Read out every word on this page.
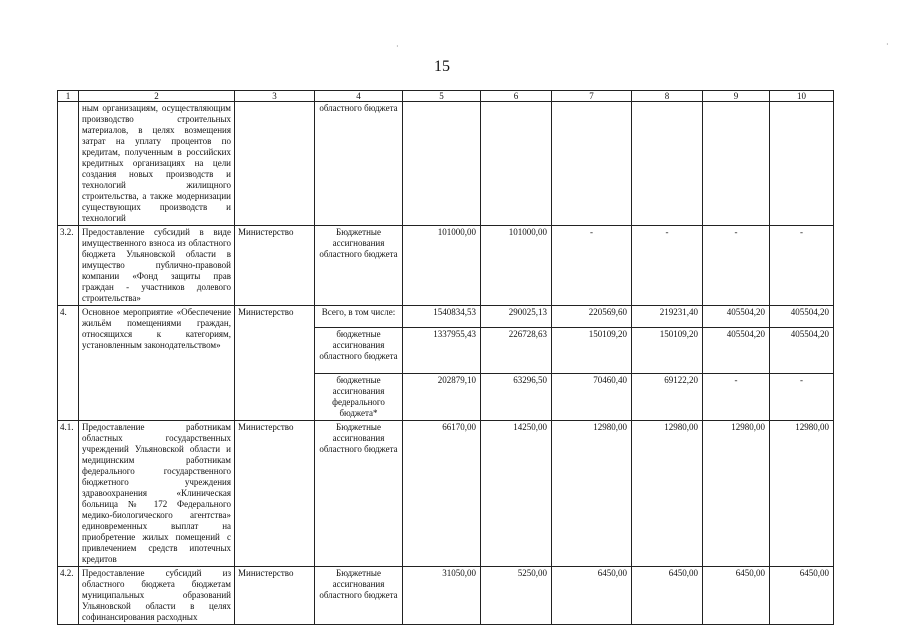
15
·	·
1	2	3	4	5	6	7	8	9	10
	ным организациям, осуществляющим производство строительных материалов, в целях возмещения затрат на уплату процентов по кредитам, полученным в российских кредитных организациях на цели создания новых производств и технологий жилищного строительства, а также модернизации существующих производств и технологий		областного бюджета						
3.2.	Предоставление субсидий в виде имущественного взноса из областного бюджета Ульяновской области в имущество публично-правовой компании «Фонд защиты прав граждан - участников долевого строительства»	Министерство	Бюджетные ассигнования областного бюджета	101000,00	101000,00	-	-	-	-
4.	Основное мероприятие «Обеспечение жильём помещениями граждан, относящихся к категориям, установленным законодательством»	Министерство	Всего, в том числе:	1540834,53	290025,13	220569,60	219231,40	405504,20	405504,20
			бюджетные ассигнования областного бюджета	1337955,43	226728,63	150109,20	150109,20	405504,20	405504,20
			бюджетные ассигнования федерального бюджета*	202879,10	63296,50	70460,40	69122,20	-	-
4.1.	Предоставление работникам областных государственных учреждений Ульяновской области и медицинским работникам федерального государственного бюджетного учреждения здравоохранения «Клиническая больница № 172 Федерального медико-биологического агентства» единовременных выплат на приобретение жилых помещений с привлечением средств ипотечных кредитов	Министерство	Бюджетные ассигнования областного бюджета	66170,00	14250,00	12980,00	12980,00	12980,00	12980,00
4.2.	Предоставление субсидий из областного бюджета бюджетам муниципальных образований Ульяновской области в целях софинансирования расходных	Министерство	Бюджетные ассигнования областного бюджета	31050,00	5250,00	6450,00	6450,00	6450,00	6450,00
